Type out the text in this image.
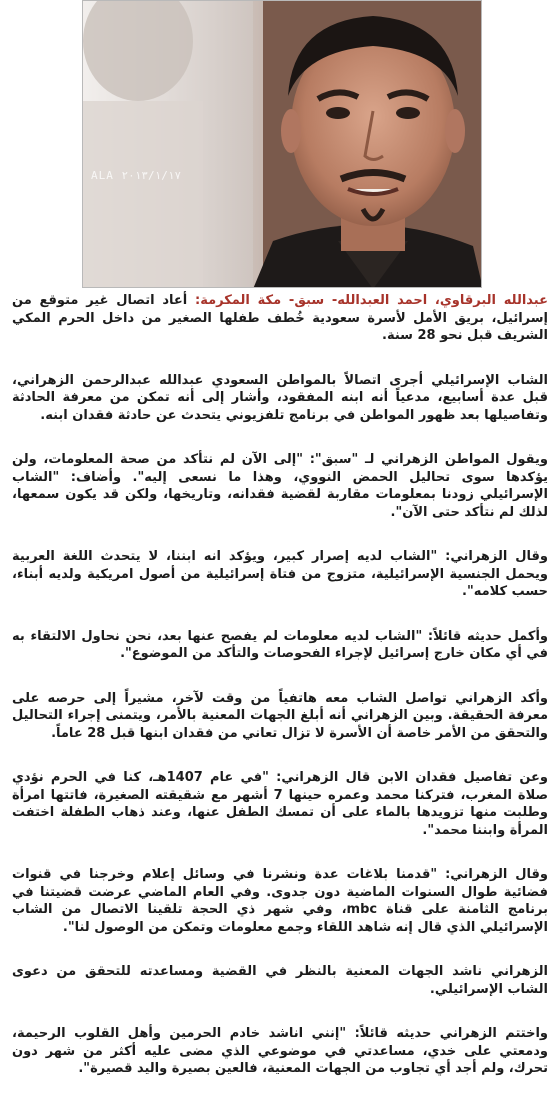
ALA ٢٠١٣/١/١٧

عبدالله البرقاوي، احمد العبدالله- سبق- مكة المكرمة: أعاد اتصال غير متوقع من إسرائيل، بريق الأمل لأسرة سعودية خُطف طفلها الصغير من داخل الحرم المكي الشريف قبل نحو 28 سنة.

الشاب الإسرائيلي أجرى اتصالاً بالمواطن السعودي عبدالله عبدالرحمن الزهراني، قبل عدة أسابيع، مدعياً أنه ابنه المفقود، وأشار إلى أنه تمكن من معرفة الحادثة وتفاصيلها بعد ظهور المواطن في برنامج تلفزيوني يتحدث عن حادثة فقدان ابنه.

ويقول المواطن الزهراني لـ "سبق": "إلى الآن لم نتأكد من صحة المعلومات، ولن يؤكدها سوى تحاليل الحمض النووي، وهذا ما نسعى إليه". وأضاف: "الشاب الإسرائيلي زودنا بمعلومات مقاربة لقضية فقدانه، وتاريخها، ولكن قد يكون سمعها، لذلك لم نتأكد حتى الآن".

وقال الزهراني: "الشاب لديه إصرار كبير، ويؤكد انه ابننا، لا يتحدث اللغة العربية ويحمل الجنسية الإسرائيلية، متزوج من فتاة إسرائيلية من أصول امريكية ولديه أبناء، حسب كلامه".

وأكمل حديثه قائلاً: "الشاب لديه معلومات لم يفصح عنها بعد، نحن نحاول الالتقاء به في أي مكان خارج إسرائيل لإجراء الفحوصات والتأكد من الموضوع".

وأكد الزهراني تواصل الشاب معه هاتفياً من وقت لآخر، مشيراً إلى حرصه على معرفة الحقيقة. وبين الزهراني أنه أبلغ الجهات المعنية بالأمر، ويتمنى إجراء التحاليل والتحقق من الأمر خاصة أن الأسرة لا تزال تعاني من فقدان ابنها قبل 28 عاماً.

وعن تفاصيل فقدان الابن قال الزهراني: "في عام 1407هـ، كنا في الحرم نؤدي صلاة المغرب، فتركنا محمد وعمره حينها 7 أشهر مع شقيقته الصغيرة، فاتتها امرأة وطلبت منها تزويدها بالماء على أن تمسك الطفل عنها، وعند ذهاب الطفلة اختفت المرأة وابننا محمد".

وقال الزهراني: "قدمنا بلاغات عدة ونشرنا في وسائل إعلام وخرجنا في قنوات فضائية طوال السنوات الماضية دون جدوى. وفي العام الماضي عرضت قضيتنا في برنامج الثامنة على قناة mbc، وفي شهر ذي الحجة تلقينا الاتصال من الشاب الإسرائيلي الذي قال إنه شاهد اللقاء وجمع معلومات وتمكن من الوصول لنا".

الزهراني ناشد الجهات المعنية بالنظر في القضية ومساعدته للتحقق من دعوى الشاب الإسرائيلي.

واختتم الزهراني حديثه قائلاً: "إنني اناشد خادم الحرمين وأهل القلوب الرحيمة، ودمعتي على خدي، مساعدتي في موضوعي الذي مضى عليه أكثر من شهر دون تحرك، ولم أجد أي تجاوب من الجهات المعنية، فالعين بصيرة واليد قصيرة".
